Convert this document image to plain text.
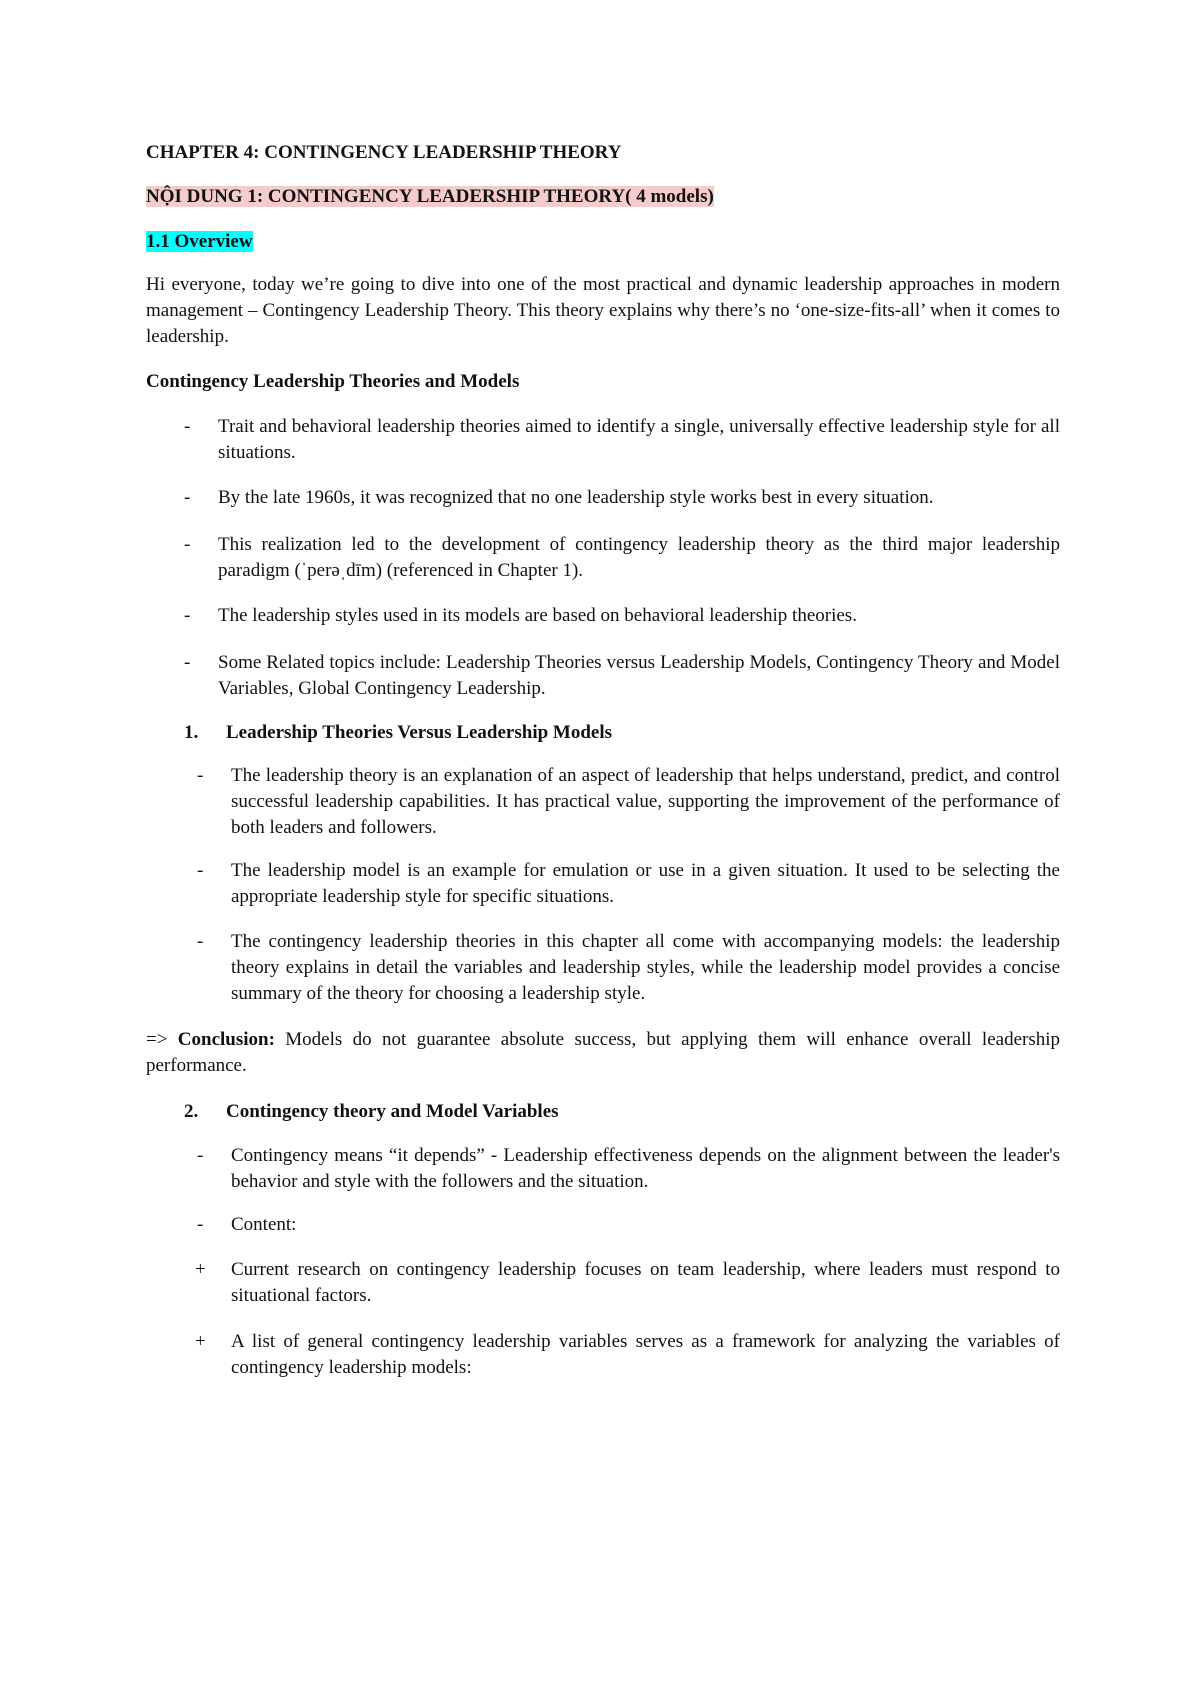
CHAPTER 4: CONTINGENCY LEADERSHIP THEORY

NỘI DUNG 1: CONTINGENCY LEADERSHIP THEORY( 4 models)

1.1 Overview

Hi everyone, today we’re going to dive into one of the most practical and dynamic leadership approaches in modern management – Contingency Leadership Theory. This theory explains why there’s no ‘one-size-fits-all’ when it comes to leadership.

Contingency Leadership Theories and Models

- Trait and behavioral leadership theories aimed to identify a single, universally effective leadership style for all situations.
- By the late 1960s, it was recognized that no one leadership style works best in every situation.
- This realization led to the development of contingency leadership theory as the third major leadership paradigm (ˈperəˌdīm) (referenced in Chapter 1).
- The leadership styles used in its models are based on behavioral leadership theories.
- Some Related topics include: Leadership Theories versus Leadership Models, Contingency Theory and Model Variables, Global Contingency Leadership.
1. Leadership Theories Versus Leadership Models
- The leadership theory is an explanation of an aspect of leadership that helps understand, predict, and control successful leadership capabilities. It has practical value, supporting the improvement of the performance of both leaders and followers.
- The leadership model is an example for emulation or use in a given situation. It used to be selecting the appropriate leadership style for specific situations.
- The contingency leadership theories in this chapter all come with accompanying models: the leadership theory explains in detail the variables and leadership styles, while the leadership model provides a concise summary of the theory for choosing a leadership style.

=> Conclusion: Models do not guarantee absolute success, but applying them will enhance overall leadership performance.

2. Contingency theory and Model Variables
- Contingency means “it depends” - Leadership effectiveness depends on the alignment between the leader's behavior and style with the followers and the situation.
- Content:
+ Current research on contingency leadership focuses on team leadership, where leaders must respond to situational factors.
+ A list of general contingency leadership variables serves as a framework for analyzing the variables of contingency leadership models:
